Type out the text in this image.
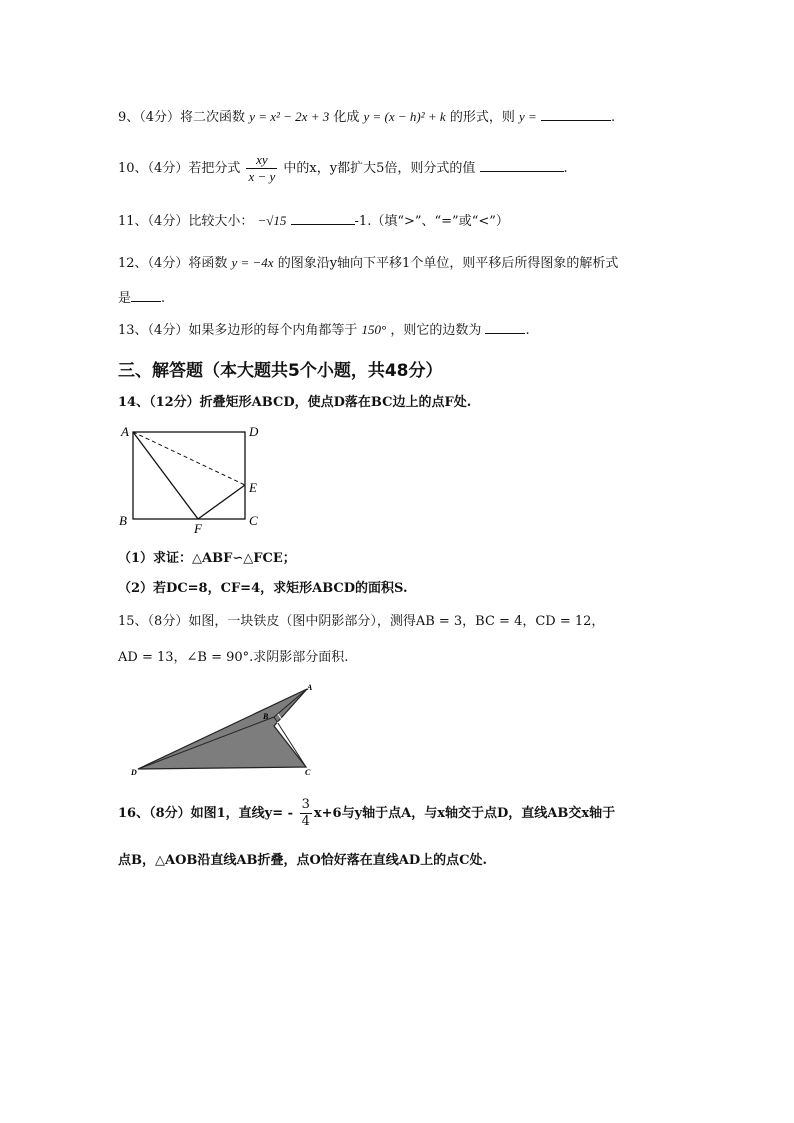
9、（4分）将二次函数 y = x² − 2x + 3 化成 y = (x − h)² + k 的形式，则 y =	.
10、（4分）若把分式 $\frac{xy}{x - y}$ 中的x，y都扩大5倍，则分式的值	.
11、（4分）比较大小： −√15	-1.（填“>”、“=”或“<”）
12、（4分）将函数 y = −4x 的图象沿y轴向下平移1个单位，则平移后所得图象的解析式
是 .
13、（4分）如果多边形的每个内角都等于 150° ，则它的边数为	.
三、解答题（本大题共5个小题，共48分）
14、（12分）折叠矩形ABCD，使点D落在BC边上的点F处.
A	D
E
B
F
C
（1）求证：△ABF∽△FCE；
（2）若DC=8，CF=4，求矩形ABCD的面积S.
15、（8分）如图，一块铁皮（图中阴影部分），测得AB = 3，BC = 4，CD = 12，
AD = 13，∠B = 90°.求阴影部分面积.
A
B
C
D
16、（8分）如图1，直线$y= - \frac{3}{4} x+6$与y轴于点A，与x轴交于点D，直线AB交x轴于
点B，△AOB沿直线AB折叠，点O恰好落在直线AD上的点C处.
